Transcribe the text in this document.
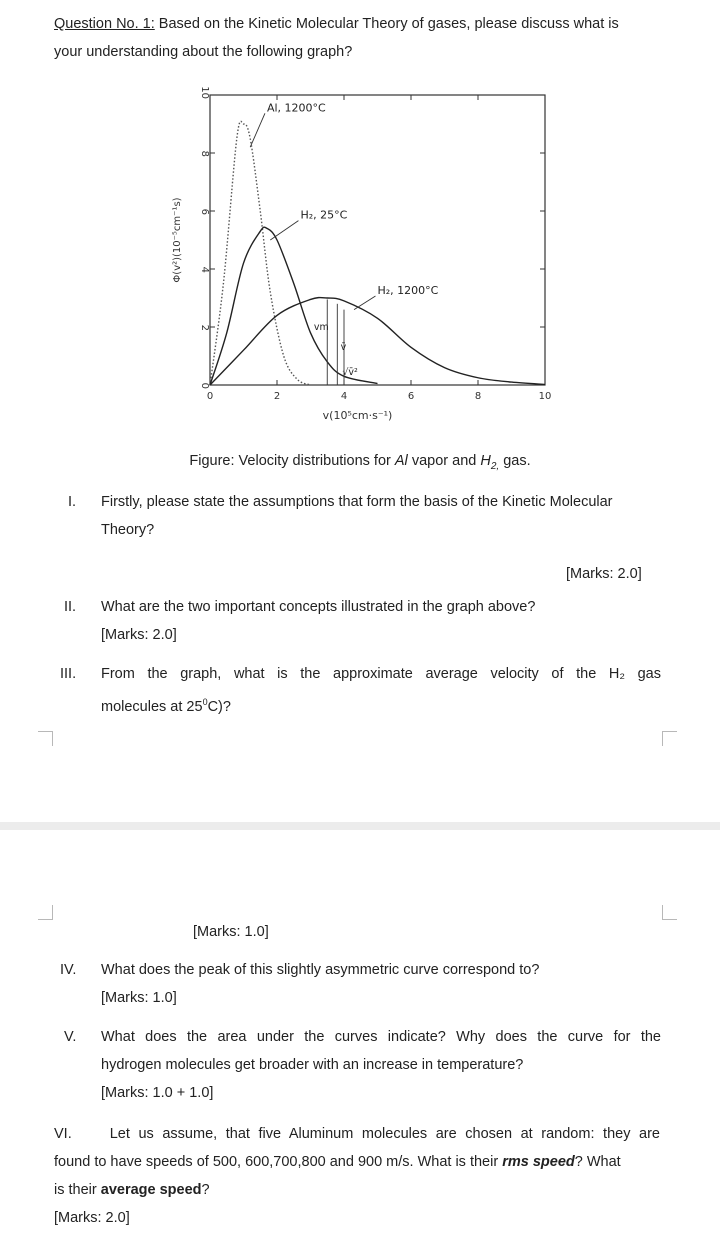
Question No. 1: Based on the Kinetic Molecular Theory of gases, please discuss what is
your understanding about the following graph?
0	2	4	6	8	10
0
2
4
6
8
10
v(10⁵cm·s⁻¹)
Φ(v²)(10⁻⁵cm⁻¹s)
Al, 1200°C
H₂, 25°C
H₂, 1200°C
vm
v̄
√v̄²
Figure: Velocity distributions for Al vapor and $H_{2,}$ gas.
I.	Firstly, please state the assumptions that form the basis of the Kinetic Molecular
Theory?
[Marks: 2.0]
II.	What are the two important concepts illustrated in the graph above?
[Marks: 2.0]
III.	From the graph, what is the approximate average velocity of the H₂ gas
molecules at $25^0C$)?
[Marks: 1.0]
IV.	What does the peak of this slightly asymmetric curve correspond to?
[Marks: 1.0]
V.	What does the area under the curves indicate? Why does the curve for the
hydrogen molecules get broader with an increase in temperature?
[Marks: 1.0 + 1.0]
VI.	Let us assume, that five Aluminum molecules are chosen at random: they are
found to have speeds of 500, 600,700,800 and 900 m/s. What is their rms speed? What
is their average speed?
[Marks: 2.0]
